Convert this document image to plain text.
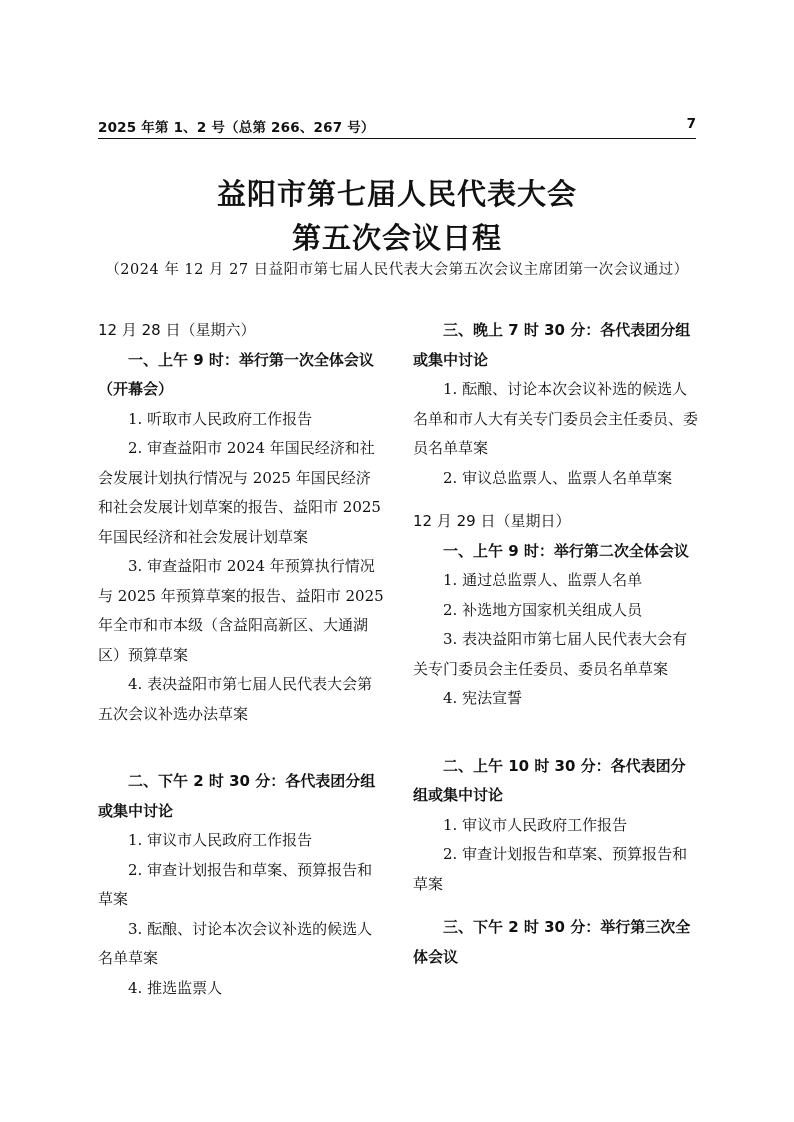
2025 年第 1、2 号（总第 266、267 号）	7
益阳市第七届人民代表大会
第五次会议日程
（2024 年 12 月 27 日益阳市第七届人民代表大会第五次会议主席团第一次会议通过）
12 月 28 日（星期六）
一、上午 9 时：举行第一次全体会议（开幕会）
1. 听取市人民政府工作报告
2. 审查益阳市 2024 年国民经济和社会发展计划执行情况与 2025 年国民经济和社会发展计划草案的报告、益阳市 2025 年国民经济和社会发展计划草案
3. 审查益阳市 2024 年预算执行情况与 2025 年预算草案的报告、益阳市 2025 年全市和市本级（含益阳高新区、大通湖区）预算草案
4. 表决益阳市第七届人民代表大会第五次会议补选办法草案
二、下午 2 时 30 分：各代表团分组或集中讨论
1. 审议市人民政府工作报告
2. 审查计划报告和草案、预算报告和草案
3. 酝酿、讨论本次会议补选的候选人名单草案
4. 推选监票人
三、晚上 7 时 30 分：各代表团分组或集中讨论
1. 酝酿、讨论本次会议补选的候选人名单和市人大有关专门委员会主任委员、委员名单草案
2. 审议总监票人、监票人名单草案
12 月 29 日（星期日）
一、上午 9 时：举行第二次全体会议
1. 通过总监票人、监票人名单
2. 补选地方国家机关组成人员
3. 表决益阳市第七届人民代表大会有关专门委员会主任委员、委员名单草案
4. 宪法宣誓
二、上午 10 时 30 分：各代表团分组或集中讨论
1. 审议市人民政府工作报告
2. 审查计划报告和草案、预算报告和草案
三、下午 2 时 30 分：举行第三次全体会议
